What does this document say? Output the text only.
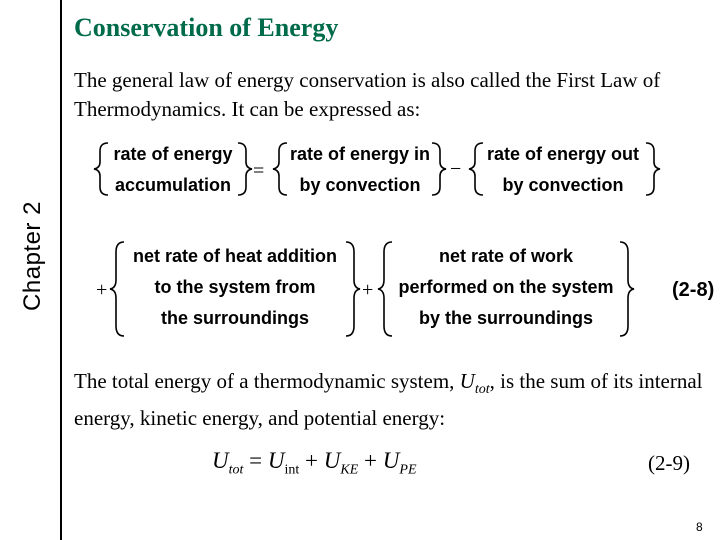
Chapter 2
Conservation of Energy
The general law of energy conservation is also called the First Law of Thermodynamics. It can be expressed as:
rate of energy
accumulation
=
rate of energy in
by convection
−
rate of energy out
by convection
+
net rate of heat addition
to the system from
the surroundings
+
net rate of work
performed on the system
by the surroundings
(2-8)
The total energy of a thermodynamic system, $U_{tot}$, is the sum of its internal energy, kinetic energy, and potential energy:
$U_{tot} = U_{int} + U_{KE} + U_{PE}$	(2-9)
8
